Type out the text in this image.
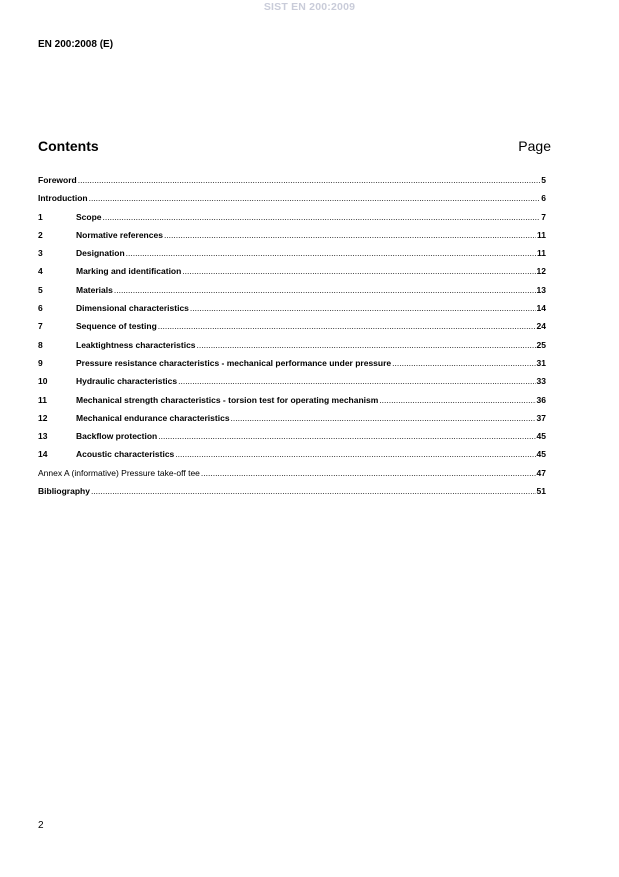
SIST EN 200:2009
EN 200:2008 (E)
Contents	Page
Foreword .....	5
Introduction .....	6
1	Scope .....	7
2	Normative references .....	11
3	Designation .....	11
4	Marking and identification .....	12
5	Materials .....	13
6	Dimensional characteristics .....	14
7	Sequence of testing .....	24
8	Leaktightness characteristics .....	25
9	Pressure resistance characteristics - mechanical performance under pressure .....	31
10	Hydraulic characteristics .....	33
11	Mechanical strength characteristics - torsion test for operating mechanism .....	36
12	Mechanical endurance characteristics .....	37
13	Backflow protection .....	45
14	Acoustic characteristics .....	45
Annex A (informative) Pressure take-off tee .....	47
Bibliography .....	51
2
